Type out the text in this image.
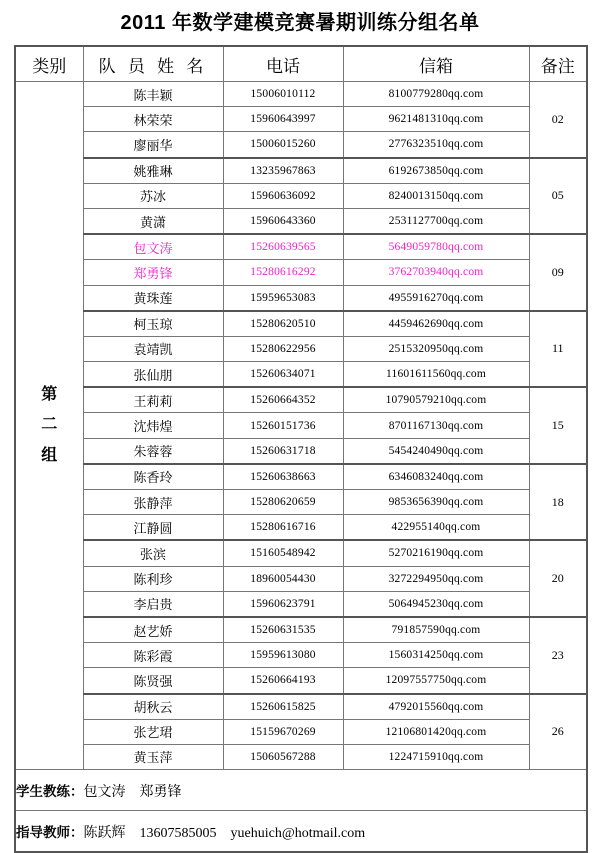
2011 年数学建模竞赛暑期训练分组名单
类别	队 员 姓 名	电话	信箱	备注

第
二
组	陈丰颖	15006010112	8100779280qq.com	02
	林荣荣	15960643997	9621481310qq.com	
	廖丽华	15006015260	2776323510qq.com	
	姚雅琳	13235967863	6192673850qq.com	05
	苏冰	15960636092	8240013150qq.com	
	黄潇	15960643360	2531127700qq.com	
	包文涛	15260639565	5649059780qq.com	09
	郑勇锋	15280616292	3762703940qq.com	
	黄珠莲	15959653083	4955916270qq.com	
	柯玉琼	15280620510	4459462690qq.com	11
	袁靖凯	15280622956	2515320950qq.com	
	张仙朋	15260634071	11601611560qq.com	
	王莉莉	15260664352	10790579210qq.com	15
	沈炜煌	15260151736	8701167130qq.com	
	朱蓉蓉	15260631718	5454240490qq.com	
	陈香玲	15260638663	6346083240qq.com	18
	张静萍	15280620659	9853656390qq.com	
	江静圆	15280616716	422955140qq.com	
	张滨	15160548942	5270216190qq.com	20
	陈利珍	18960054430	3272294950qq.com	
	李启贵	15960623791	5064945230qq.com	
	赵艺娇	15260631535	791857590qq.com	23
	陈彩霞	15959613080	1560314250qq.com	
	陈贤强	15260664193	12097557750qq.com	
	胡秋云	15260615825	4792015560qq.com	26
	张艺珺	15159670269	12106801420qq.com	
	黄玉萍	15060567288	1224715910qq.com	
学生教练：包文涛　郑勇锋				
指导教师：陈跃辉 13607585005 yuehuich@hotmail.com				
